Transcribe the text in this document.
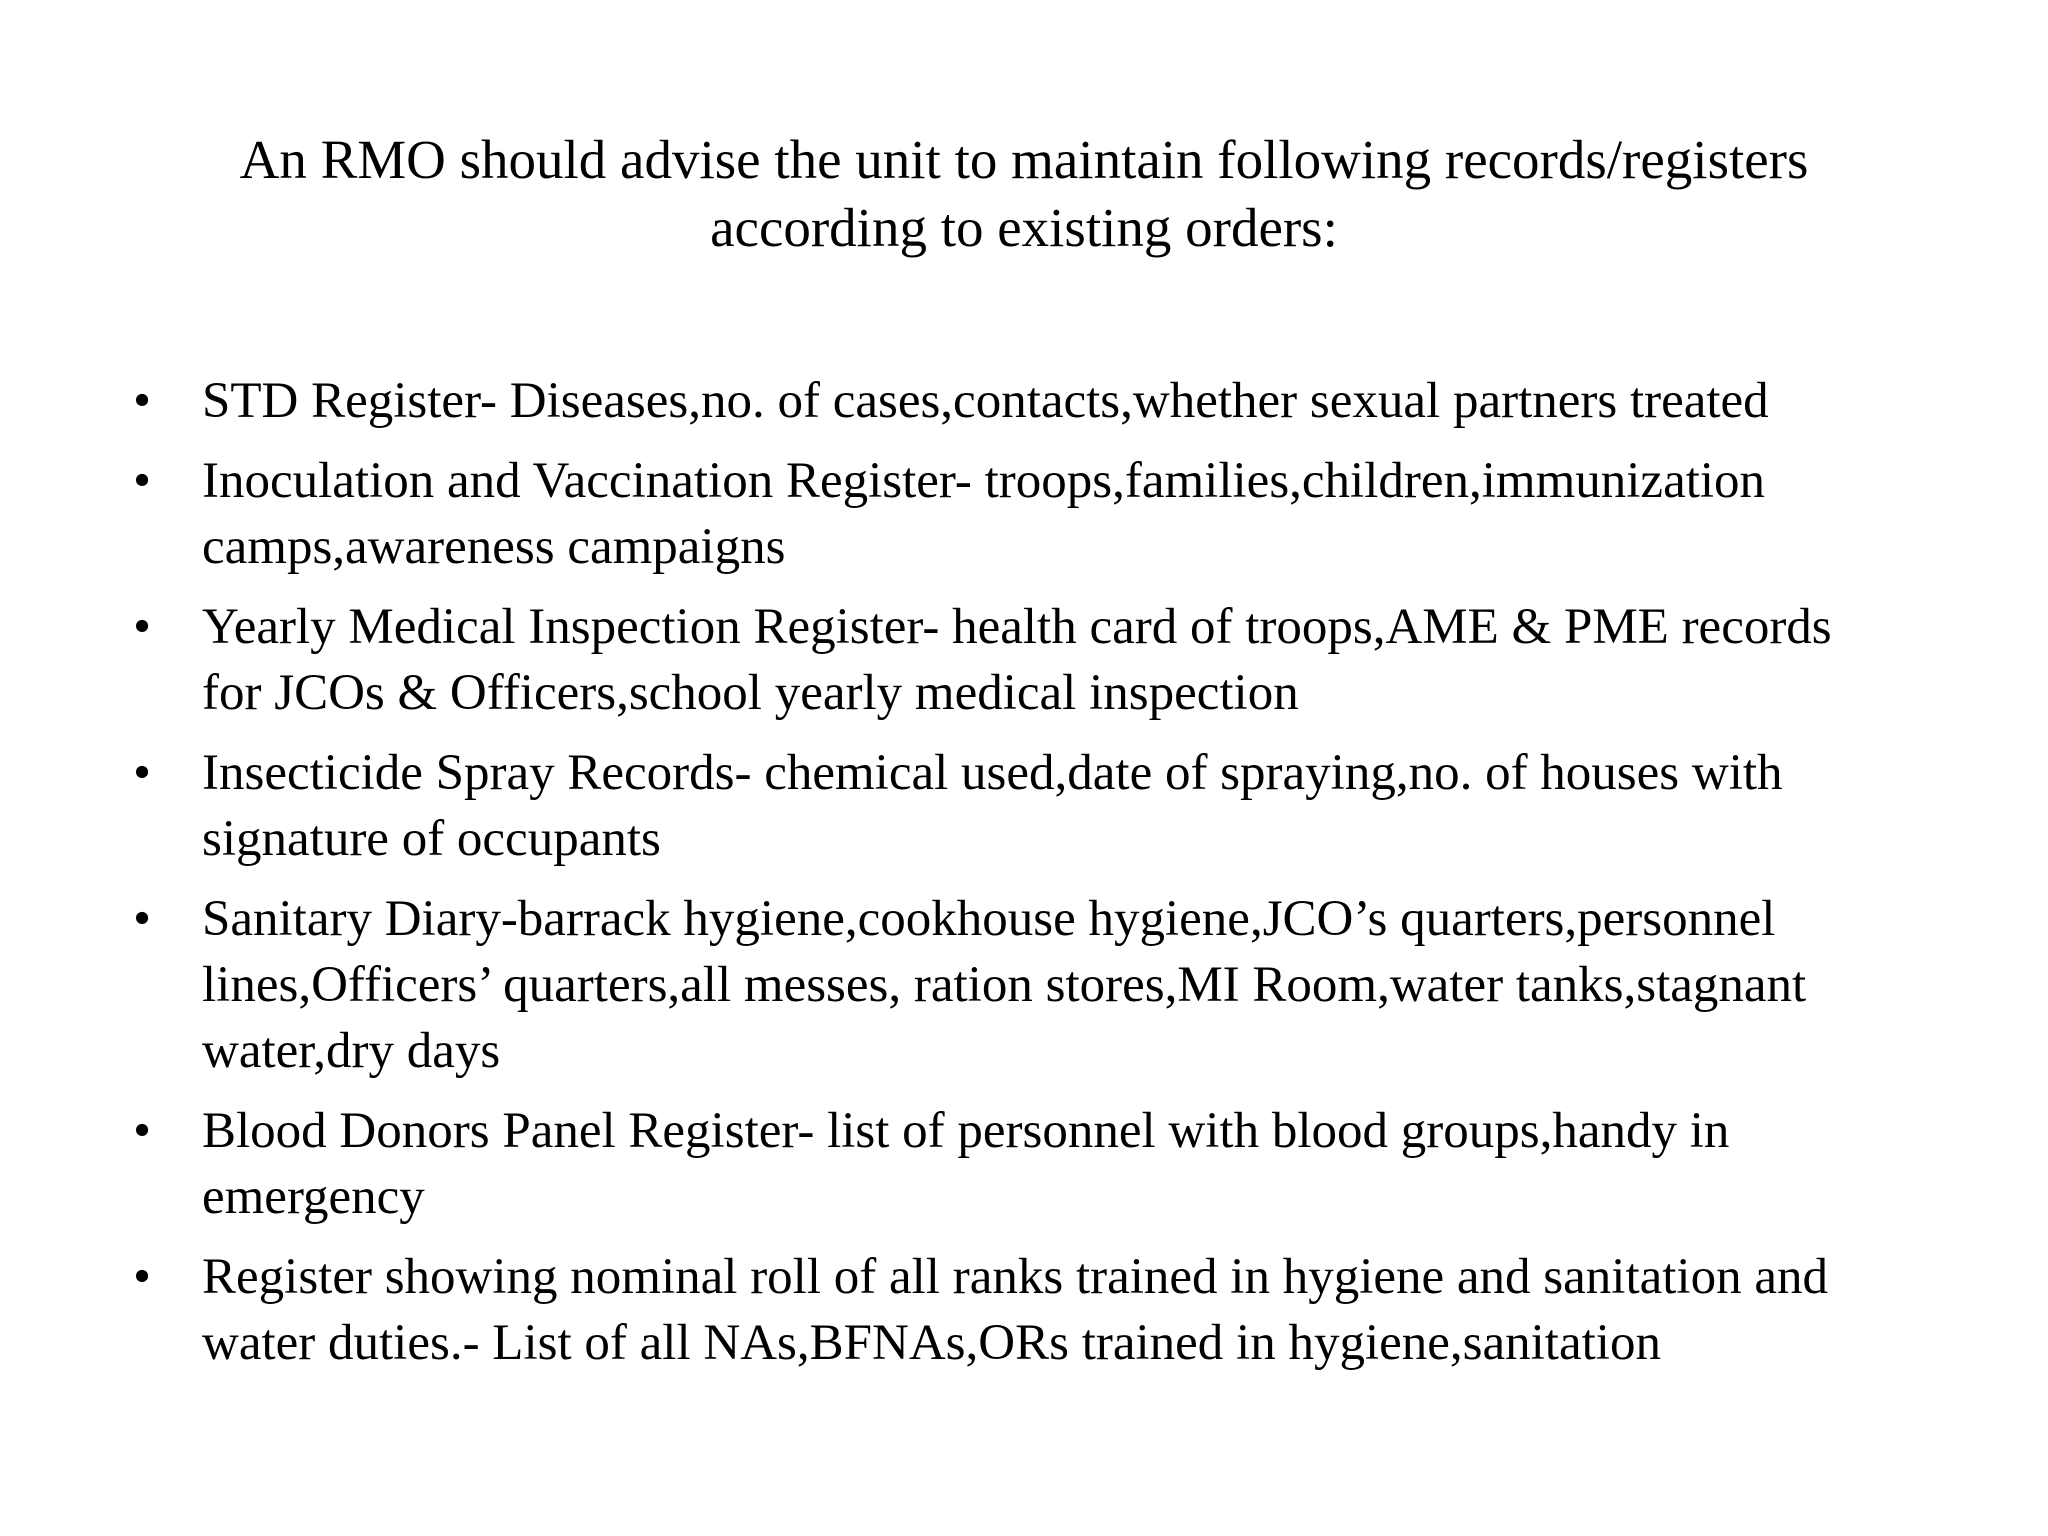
An RMO should advise the unit to maintain following records/registers
according to existing orders:
• STD Register- Diseases,no. of cases,contacts,whether sexual partners treated
• Inoculation and Vaccination Register- troops,families,children,immunization
camps,awareness campaigns
• Yearly Medical Inspection Register- health card of troops,AME & PME records
for JCOs & Officers,school yearly medical inspection
• Insecticide Spray Records- chemical used,date of spraying,no. of houses with
signature of occupants
• Sanitary Diary-barrack hygiene,cookhouse hygiene,JCO’s quarters,personnel
lines,Officers’ quarters,all messes, ration stores,MI Room,water tanks,stagnant
water,dry days
• Blood Donors Panel Register- list of personnel with blood groups,handy in
emergency
• Register showing nominal roll of all ranks trained in hygiene and sanitation and
water duties.- List of all NAs,BFNAs,ORs trained in hygiene,sanitation
